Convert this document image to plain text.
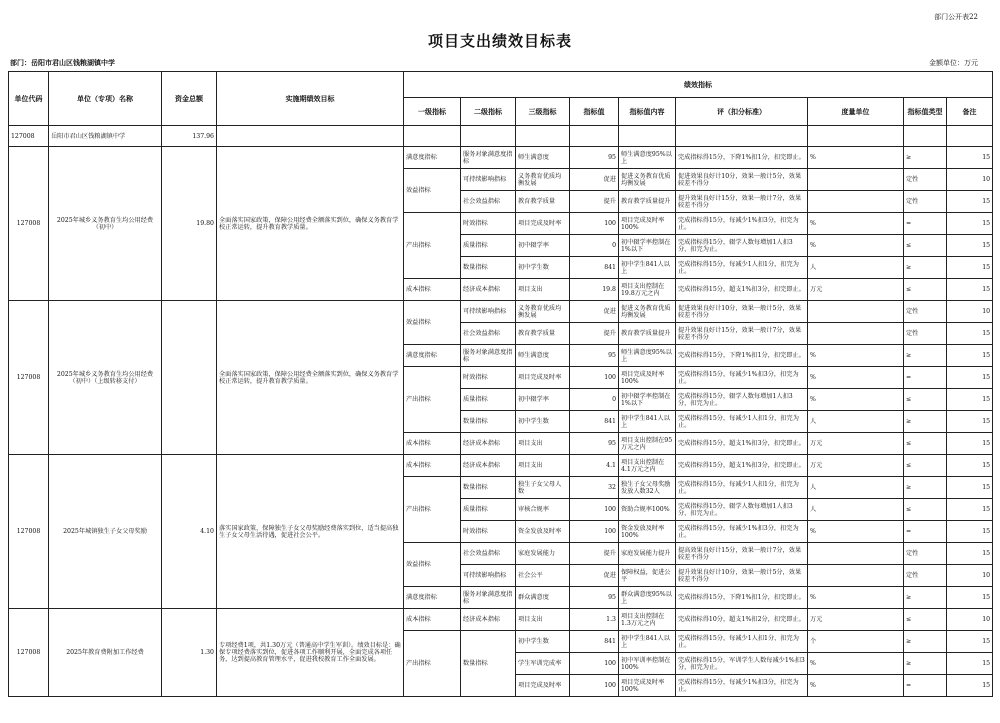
部门公开表22
项目支出绩效目标表
部门：岳阳市君山区钱粮湖镇中学	金额单位：万元
单位代码	单位（专项）名称	资金总额	实施期绩效目标	绩效指标								
				一级指标	二级指标	三级指标	指标值	指标值内容	评（扣分标准）	度量单位	指标值类型	备注
127008	岳阳市君山区钱粮湖镇中学	137.96										
127008	2025年城乡义务教育生均公用经费（初中）	19.80	全面落实国家政策，保障公用经费全额落实到位，确保义务教育学校正常运转，提升教育教学质量。	满意度指标	服务对象满意度指标	师生满意度	95	师生满意度95%以上	完成指标得15分，下降1%扣1分，扣完即止。	%	≥	15
				效益指标	可持续影响指标	义务教育优质均衡发展	促进	促进义务教育优质均衡发展	促进效果良好计10分，效果一般计5分，效果较差不得分		定性	10
					社会效益指标	教育教学质量	提升	教育教学质量提升	提升效果良好计15分，效果一般计7分，效果较差不得分		定性	15
				产出指标	时效指标	项目完成及时率	100	项目完成及时率100%	完成指标得15分，每减少1%扣3分，扣完为止。	%	=	15
					质量指标	初中辍学率	0	初中辍学率控制在1%以下	完成指标得15分，辍学人数每增加1人扣3分，扣完为止。	%	≤	15
					数量指标	初中学生数	841	初中学生841人以上	完成指标得15分，每减少1人扣1分，扣完为止。	人	≥	15
				成本指标	经济成本指标	项目支出	19.8	项目支出控制在19.8万元之内	完成指标得15分，超支1%扣3分，扣完即止。	万元	≤	15
127008	2025年城乡义务教育生均公用经费（初中）（上级转移支付）		全面落实国家政策，保障公用经费全额落实到位，确保义务教育学校正常运转，提升教育教学质量。	效益指标	可持续影响指标	义务教育优质均衡发展	促进	促进义务教育优质均衡发展	促进效果良好计10分，效果一般计5分，效果较差不得分		定性	10
					社会效益指标	教育教学质量	提升	教育教学质量提升	提升效果良好计15分，效果一般计7分，效果较差不得分		定性	15
				满意度指标	服务对象满意度指标	师生满意度	95	师生满意度95%以上	完成指标得15分，下降1%扣1分，扣完即止。	%	≥	15
				产出指标	时效指标	项目完成及时率	100	项目完成及时率100%	完成指标得15分，每减少1%扣3分，扣完为止。	%	=	15
					质量指标	初中辍学率	0	初中辍学率控制在1%以下	完成指标得15分，辍学人数每增加1人扣3分，扣完为止。	%	≤	15
					数量指标	初中学生数	841	初中学生841人以上	完成指标得15分，每减少1人扣1分，扣完为止。	人	≥	15
				成本指标	经济成本指标	项目支出	95	项目支出控制在95万元之内	完成指标得15分，超支1%扣3分，扣完即止。	万元	≤	15
127008	2025年城镇独生子女父母奖励	4.10	落实国家政策，保障独生子女父母奖励经费落实到位，适当提高独生子女父母生活待遇，促进社会公平。	成本指标	经济成本指标	项目支出	4.1	项目支出控制在4.1万元之内	完成指标得15分，超支1%扣3分，扣完即止。	万元	≤	15
				产出指标	数量指标	独生子女父母人数	32	独生子女父母奖励发放人数32人	完成指标得15分，每减少1人扣1分，扣完为止。	人	≥	15
					质量指标	审核合规率	100	资助合规率100%	完成指标得15分，辍学人数每增加1人扣3分，扣完为止。	人	≤	15
					时效指标	资金发放及时率	100	资金发放及时率100%	完成指标得15分，每减少1%扣3分，扣完为止。	%	=	15
				效益指标	社会效益指标	家庭发展能力	提升	家庭发展能力提升	提高效果良好计15分，效果一般计7分，效果较差不得分		定性	15
					可持续影响指标	社会公平	促进	保障权益，促进公平	提升效果良好计10分，效果一般计5分，效果较差不得分		定性	10
				满意度指标	服务对象满意度指标	群众满意度	95	群众满意度95%以上	完成指标得15分，下降1%扣1分，扣完即止。	%	≥	15
127008	2025年教育费附加工作经费	1.30	专项经费1项，共1.30万元（普通高中学生军训）。绩效目标是：确保专项经费落实到位，促进各项工作顺利开展，全面完成各项任务，达到提高教育管理水平，促进我校教育工作全面发展。	成本指标	经济成本指标	项目支出	1.3	项目支出控制在1.3万元之内	完成指标得10分，超支1%扣2分，扣完即止。	万元	≤	10
				产出指标	数量指标	初中学生数	841	初中学生841人以上	完成指标得15分，每减少1人扣1分，扣完为止。	个	≥	15
						学生军训完成率	100	初中军训率控制在100%	完成指标得15分，军训学生人数每减少1%扣3分，扣完为止。	%	≥	15
						项目完成及时率	100	项目完成及时率100%	完成指标得15分，每减少1%扣3分，扣完为止。	%	=	15
